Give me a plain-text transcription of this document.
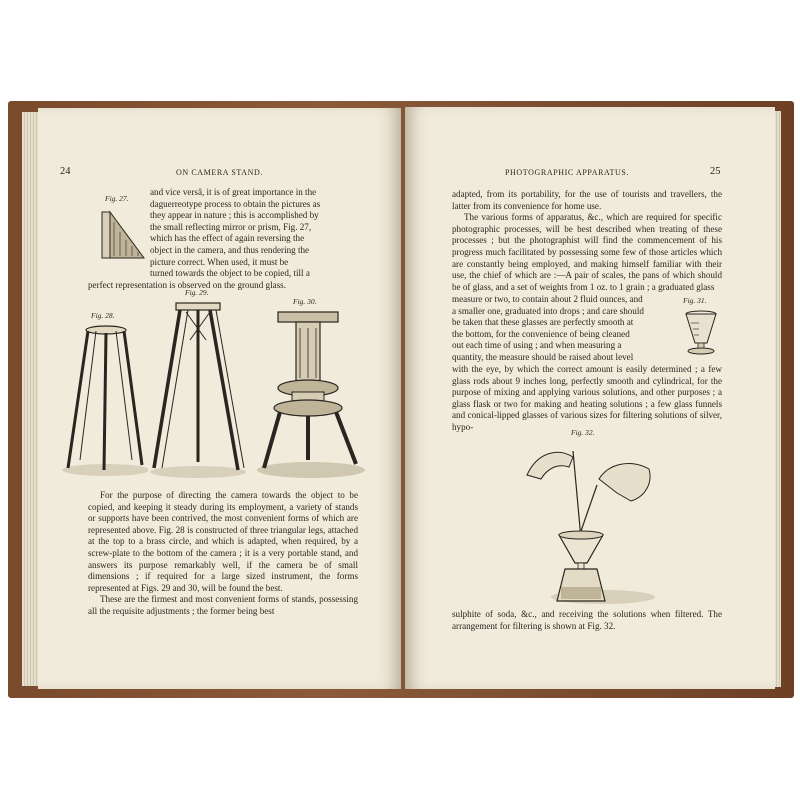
24	ON CAMERA STAND.
Fig. 27.

and vice versâ, it is of great importance in the

daguerreotype process to obtain the pictures as

they appear in nature ; this is accomplished by

the small reflecting mirror or prism, Fig. 27,

which has the effect of again reversing the

object in the camera, and thus rendering the

picture correct. When used, it must be

turned towards the object to be copied, till a

perfect representation is observed on the ground glass.
Fig. 29.
Fig. 30.
Fig. 28.

For the purpose of directing the camera towards the object to be copied, and keeping it steady during its employment, a variety of stands or supports have been contrived, the most convenient forms of which are represented above. Fig. 28 is constructed of three triangular legs, attached at the top to a brass circle, and which is adapted, when required, by a screw-plate to the bottom of the camera ; it is a very portable stand, and answers its purpose remarkably well, if the camera be of small dimensions ; if required for a large sized instrument, the forms represented at Figs. 29 and 30, will be found the best.

These are the firmest and most convenient forms of stands, possessing all the requisite adjustments ; the former being best

PHOTOGRAPHIC APPARATUS.	25

adapted, from its portability, for the use of tourists and travellers, the latter from its convenience for home use.

The various forms of apparatus, &c., which are required for specific photographic processes, will be best described when treating of these processes ; but the photographist will find the commencement of his progress much facilitated by possessing some few of those articles which are constantly being employed, and making himself familiar with their use, the chief of which are :—A pair of scales, the pans of which should be of glass, and a set of weights from 1 oz. to 1 grain ; a graduated glass

measure or two, to contain about 2 fluid ounces, and

a smaller one, graduated into drops ; and care should

be taken that these glasses are perfectly smooth at

the bottom, for the convenience of being cleaned

out each time of using ; and when measuring a

quantity, the measure should be raised about level

Fig. 31.

with the eye, by which the correct amount is easily determined ; a few glass rods about 9 inches long, perfectly smooth and cylindrical, for the purpose of mixing and applying various solutions, and other purposes ; a glass flask or two for making and heating solutions ; a few glass funnels and conical-lipped glasses of various sizes for filtering solutions of silver, hypo-

Fig. 32.

sulphite of soda, &c., and receiving the solutions when filtered. The arrangement for filtering is shown at Fig. 32.
